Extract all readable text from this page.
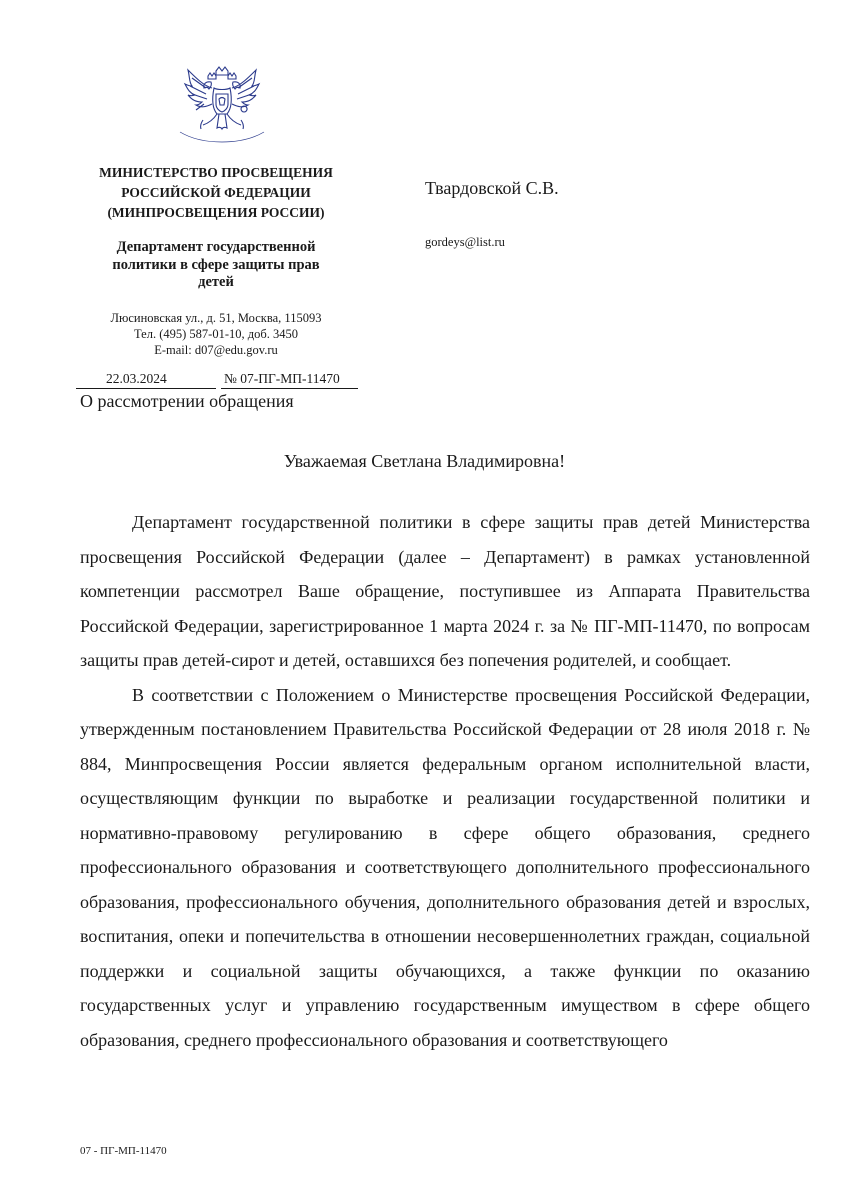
МИНИСТЕРСТВО ПРОСВЕЩЕНИЯ
РОССИЙСКОЙ ФЕДЕРАЦИИ
(МИНПРОСВЕЩЕНИЯ РОССИИ)
Департамент государственной
политики в сфере защиты прав
детей
Люсиновская ул., д. 51, Москва, 115093
Тел. (495) 587-01-10, доб. 3450
E-mail: d07@edu.gov.ru
Твардовской С.В.
gordeys@list.ru
22.03.2024	№ 07-ПГ-МП-11470
О рассмотрении обращения
Уважаемая Светлана Владимировна!

Департамент государственной политики в сфере защиты прав детей Министерства просвещения Российской Федерации (далее – Департамент) в рамках установленной компетенции рассмотрел Ваше обращение, поступившее из Аппарата Правительства Российской Федерации, зарегистрированное 1 марта 2024 г. за № ПГ-МП-11470, по вопросам защиты прав детей-сирот и детей, оставшихся без попечения родителей, и сообщает.

В соответствии с Положением о Министерстве просвещения Российской Федерации, утвержденным постановлением Правительства Российской Федерации от 28 июля 2018 г. № 884, Минпросвещения России является федеральным органом исполнительной власти, осуществляющим функции по выработке и реализации государственной политики и нормативно-правовому регулированию в сфере общего образования, среднего профессионального образования и соответствующего дополнительного профессионального образования, профессионального обучения, дополнительного образования детей и взрослых, воспитания, опеки и попечительства в отношении несовершеннолетних граждан, социальной поддержки и социальной защиты обучающихся, а также функции по оказанию государственных услуг и управлению государственным имуществом в сфере общего образования, среднего профессионального образования и соответствующего

07 - ПГ-МП-11470
